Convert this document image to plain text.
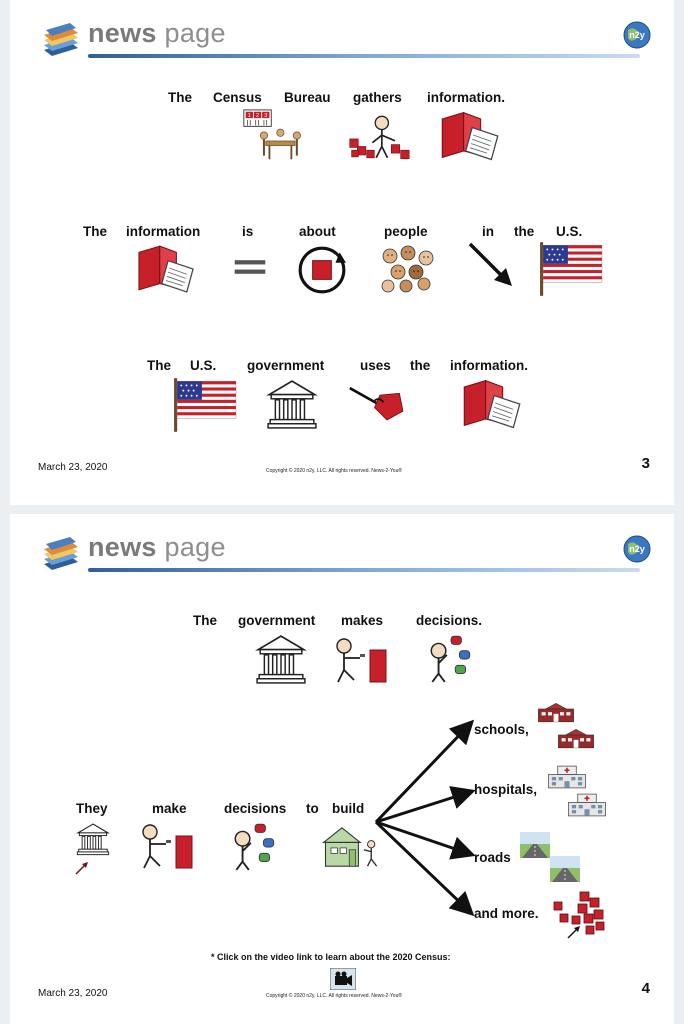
news page
The Census Bureau gathers information.
The information	is	about	people	in the U.S.
The U.S. government	uses the information.
March 23, 2020	Copyright © 2020 n2y, LLC. All rights reserved. News-2-You®	3
news page
The government makes decisions.
They	make	decisions to build
schools,
hospitals,
roads
and more.
* Click on the video link to learn about the 2020 Census:
March 23, 2020	Copyright © 2020 n2y, LLC. All rights reserved. News-2-You®	4
